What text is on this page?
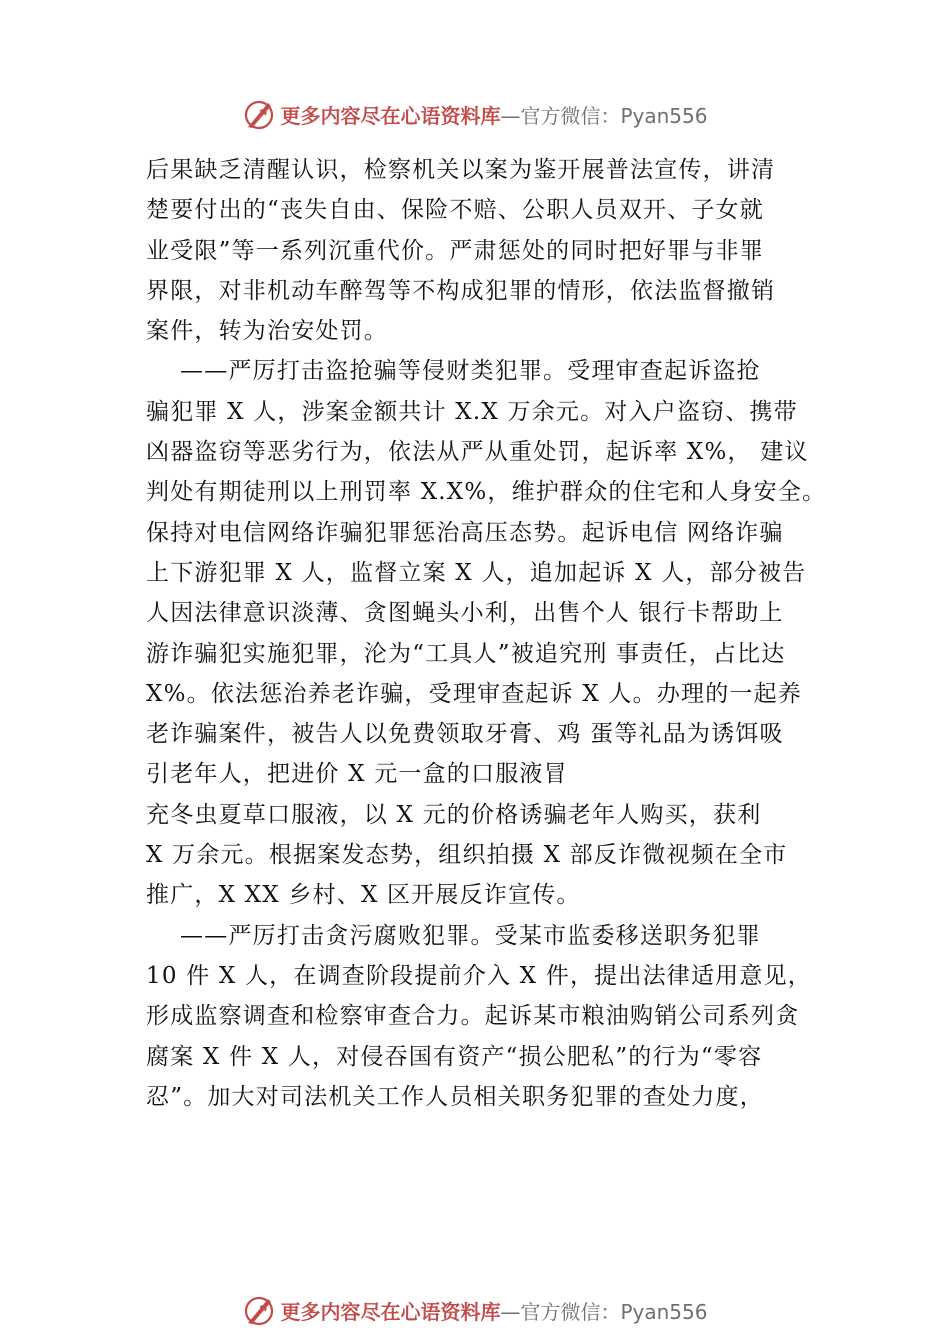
更多内容尽在心语资料库 —官方微信：Pyan556
后果缺乏清醒认识，检察机关以案为鉴开展普法宣传，讲清
楚要付出的“丧失自由、保险不赔、公职人员双开、子女就
业受限”等一系列沉重代价。严肃惩处的同时把好罪与非罪
界限，对非机动车醉驾等不构成犯罪的情形，依法监督撤销
案件，转为治安处罚。
——严厉打击盗抢骗等侵财类犯罪。受理审查起诉盗抢
骗犯罪 X 人，涉案金额共计 X.X 万余元。对入户盗窃、携带
凶器盗窃等恶劣行为，依法从严从重处罚，起诉率 X%， 建议
判处有期徒刑以上刑罚率 X.X%，维护群众的住宅和人身安全。
保持对电信网络诈骗犯罪惩治高压态势。起诉电信 网络诈骗
上下游犯罪 X 人，监督立案 X 人，追加起诉 X 人，部分被告
人因法律意识淡薄、贪图蝇头小利，出售个人 银行卡帮助上
游诈骗犯实施犯罪，沦为“工具人”被追究刑 事责任，占比达
X%。依法惩治养老诈骗，受理审查起诉 X 人。办理的一起养
老诈骗案件，被告人以免费领取牙膏、鸡 蛋等礼品为诱饵吸
引老年人，把进价 X 元一盒的口服液冒
充冬虫夏草口服液，以 X 元的价格诱骗老年人购买，获利
X 万余元。根据案发态势，组织拍摄 X 部反诈微视频在全市
推广，X XX 乡村、X 区开展反诈宣传。
——严厉打击贪污腐败犯罪。受某市监委移送职务犯罪
10 件 X 人，在调查阶段提前介入 X 件，提出法律适用意见，
形成监察调查和检察审查合力。起诉某市粮油购销公司系列贪
腐案 X 件 X 人，对侵吞国有资产“损公肥私”的行为“零容
忍”。加大对司法机关工作人员相关职务犯罪的查处力度，
更多内容尽在心语资料库 —官方微信：Pyan556
